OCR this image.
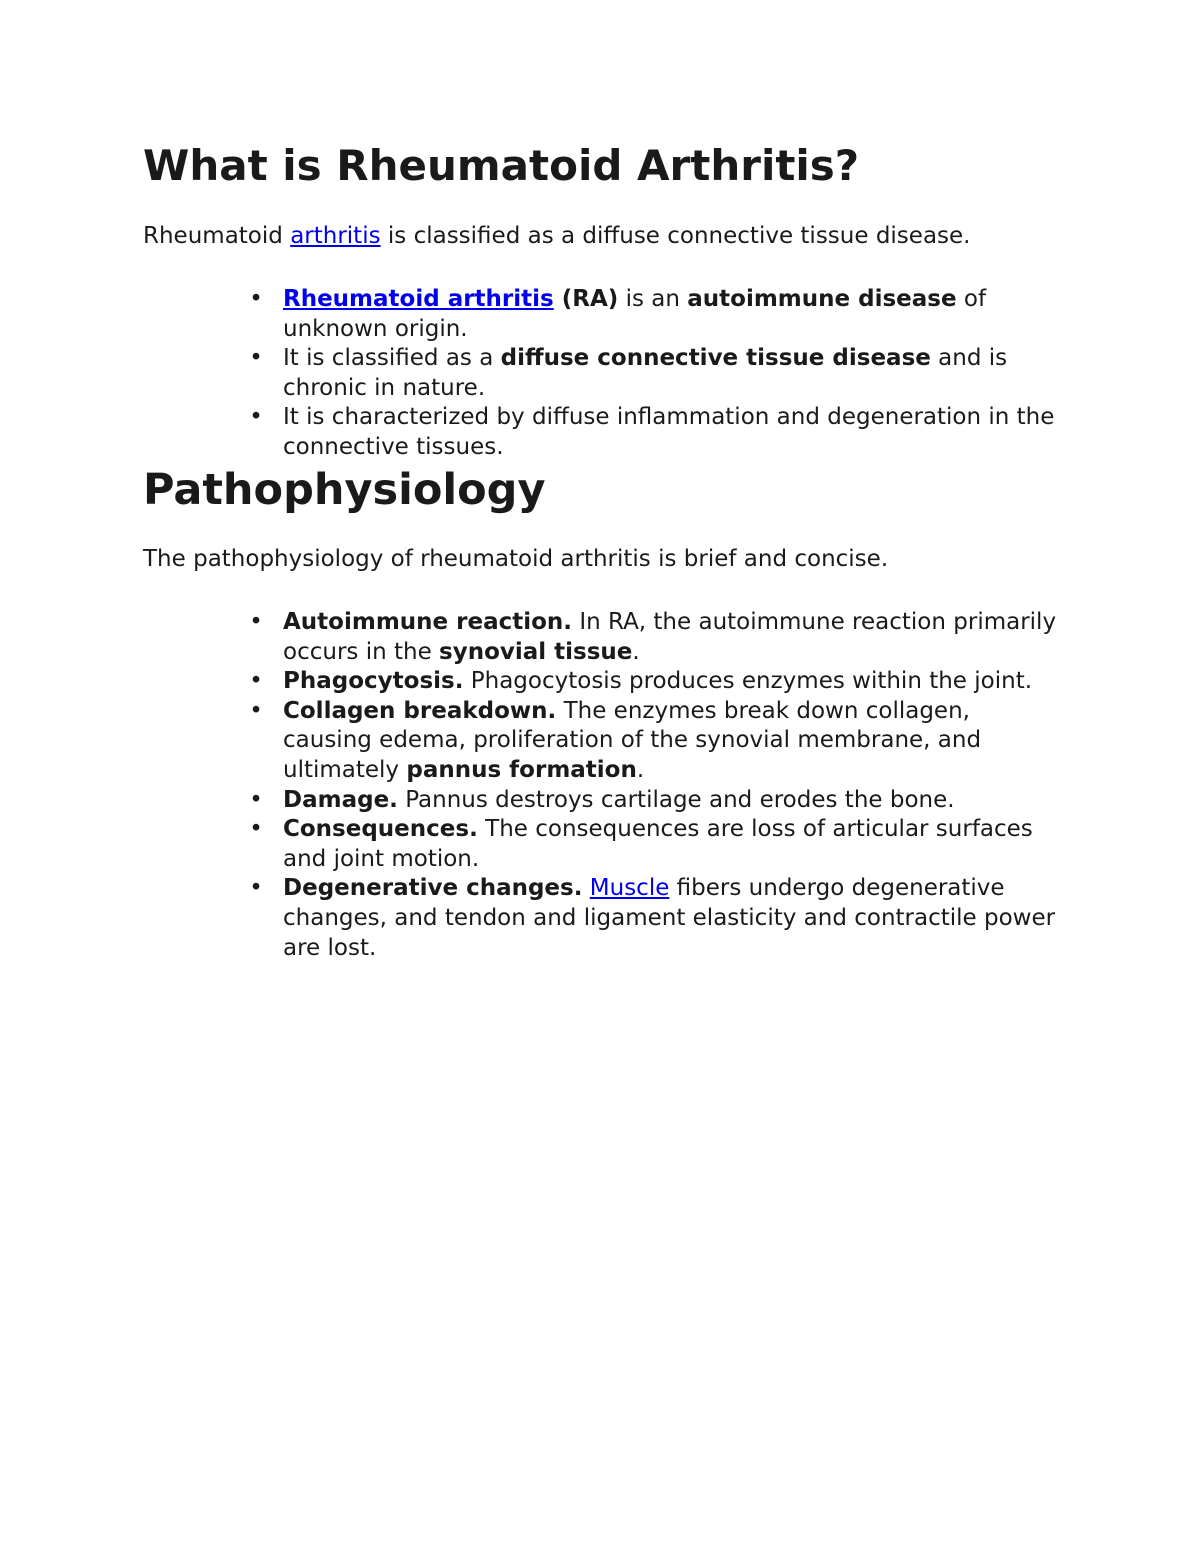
What is Rheumatoid Arthritis?

Rheumatoid arthritis is classified as a diffuse connective tissue disease.

• Rheumatoid arthritis (RA) is an autoimmune disease of unknown origin.
• It is classified as a diffuse connective tissue disease and is chronic in nature.
• It is characterized by diffuse inflammation and degeneration in the connective tissues.
Pathophysiology

The pathophysiology of rheumatoid arthritis is brief and concise.

• Autoimmune reaction. In RA, the autoimmune reaction primarily occurs in the synovial tissue.
• Phagocytosis. Phagocytosis produces enzymes within the joint.
• Collagen breakdown. The enzymes break down collagen, causing edema, proliferation of the synovial membrane, and ultimately pannus formation.
• Damage. Pannus destroys cartilage and erodes the bone.
• Consequences. The consequences are loss of articular surfaces and joint motion.
• Degenerative changes. Muscle fibers undergo degenerative changes, and tendon and ligament elasticity and contractile power are lost.
